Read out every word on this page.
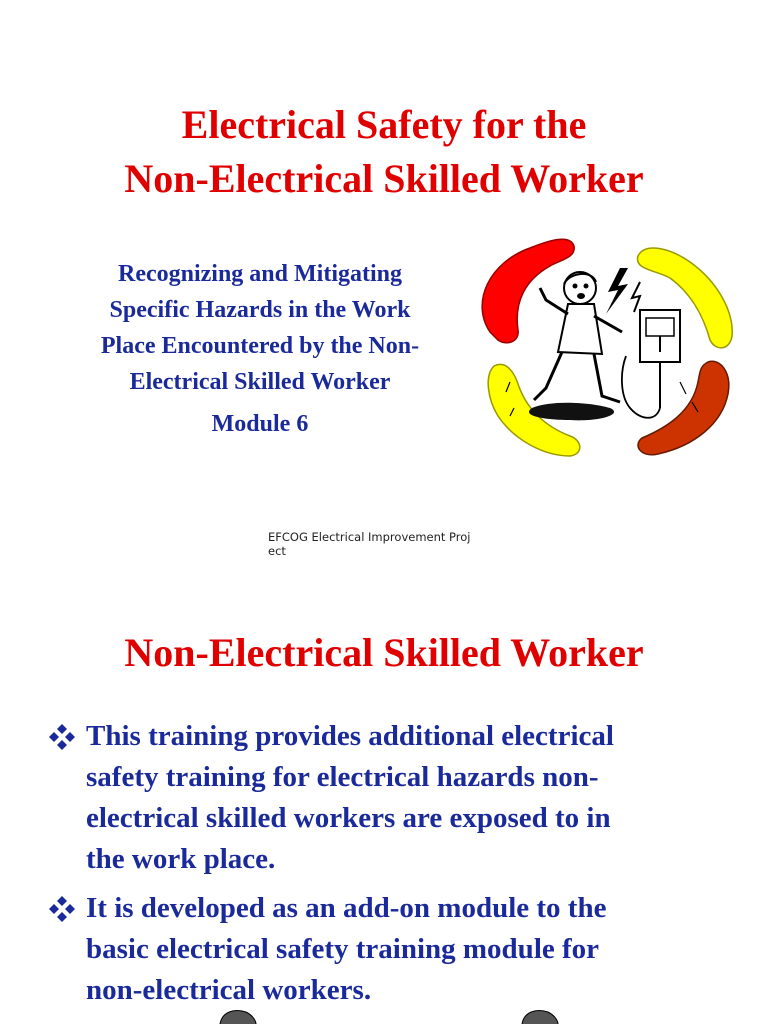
Electrical Safety for the
Non-Electrical Skilled Worker
Recognizing and Mitigating
Specific Hazards in the Work
Place Encountered by the Non-
Electrical Skilled Worker
Module 6
EFCOG Electrical Improvement Proj
ect
Non-Electrical Skilled Worker
This training provides additional electrical
safety training for electrical hazards non-
electrical skilled workers are exposed to in
the work place.
It is developed as an add-on module to the
basic electrical safety training module for
non-electrical workers.
